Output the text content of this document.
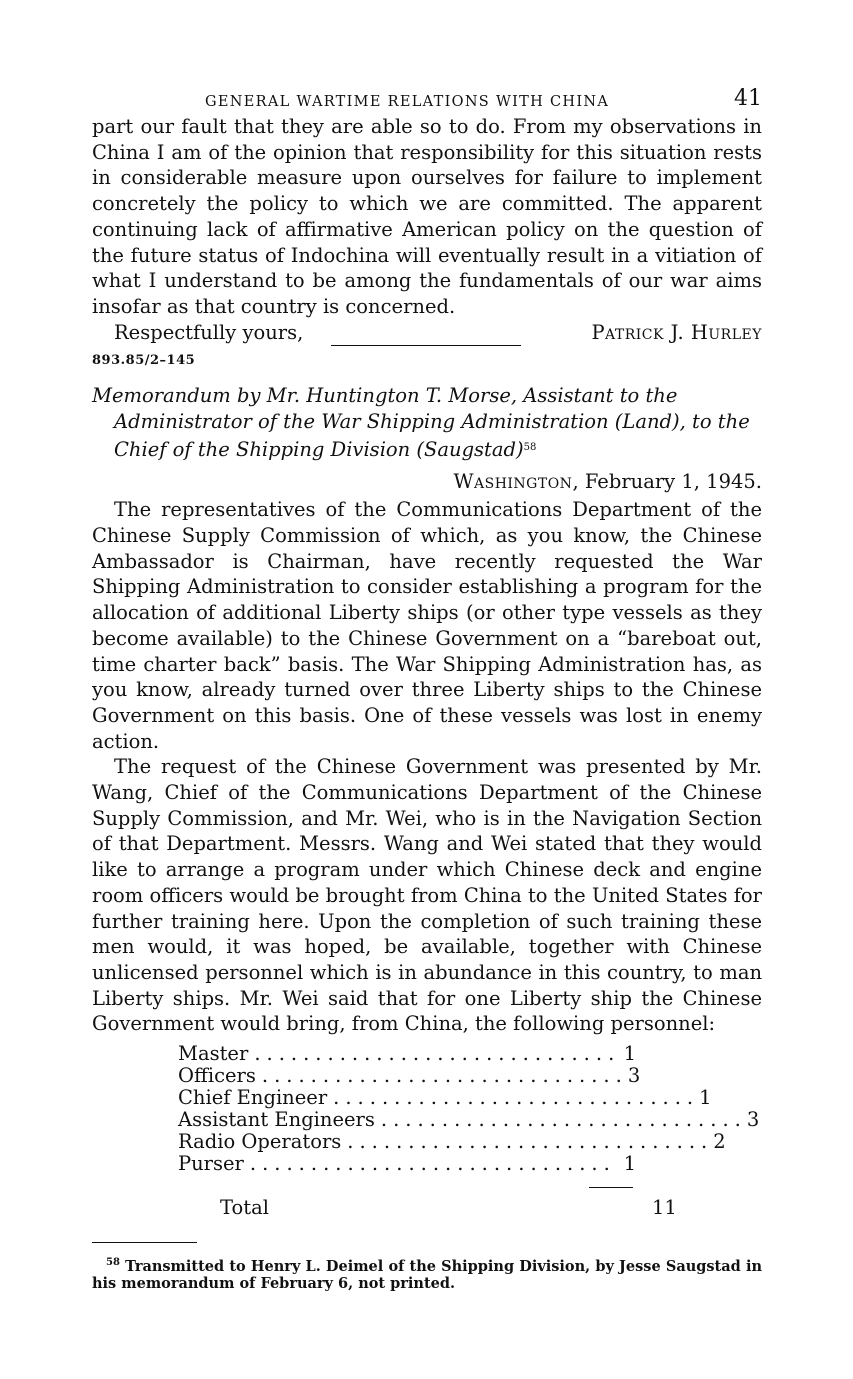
GENERAL WARTIME RELATIONS WITH CHINA	41

part our fault that they are able so to do. From my observations in China I am of the opinion that responsibility for this situation rests in considerable measure upon ourselves for failure to implement concretely the policy to which we are committed. The apparent continuing lack of affirmative American policy on the question of the future status of Indochina will eventually result in a vitiation of what I understand to be among the fundamentals of our war aims insofar as that country is concerned.

Respectfully yours,	Patrick J. Hurley
893.85/2–145
Memorandum by Mr. Huntington T. Morse, Assistant to the Administrator of the War Shipping Administration (Land), to the Chief of the Shipping Division (Saugstad)$^{58}$
Washington, February 1, 1945.

The representatives of the Communications Department of the Chinese Supply Commission of which, as you know, the Chinese Ambassador is Chairman, have recently requested the War Shipping Administration to consider establishing a program for the allocation of additional Liberty ships (or other type vessels as they become available) to the Chinese Government on a “bareboat out, time charter back” basis. The War Shipping Administration has, as you know, already turned over three Liberty ships to the Chinese Government on this basis. One of these vessels was lost in enemy action.

The request of the Chinese Government was presented by Mr. Wang, Chief of the Communications Department of the Chinese Supply Commission, and Mr. Wei, who is in the Navigation Section of that Department. Messrs. Wang and Wei stated that they would like to arrange a program under which Chinese deck and engine room officers would be brought from China to the United States for further training here. Upon the completion of such training these men would, it was hoped, be available, together with Chinese unlicensed personnel which is in abundance in this country, to man Liberty ships. Mr. Wei said that for one Liberty ship the Chinese Government would bring, from China, the following personnel:

Master .............................. 1
Officers .............................. 3
Chief Engineer .............................. 1
Assistant Engineers .............................. 3
Radio Operators .............................. 2
Purser .............................. 1
Total	11
$^{58}$ Transmitted to Henry L. Deimel of the Shipping Division, by Jesse Saugstad in his memorandum of February 6, not printed.
